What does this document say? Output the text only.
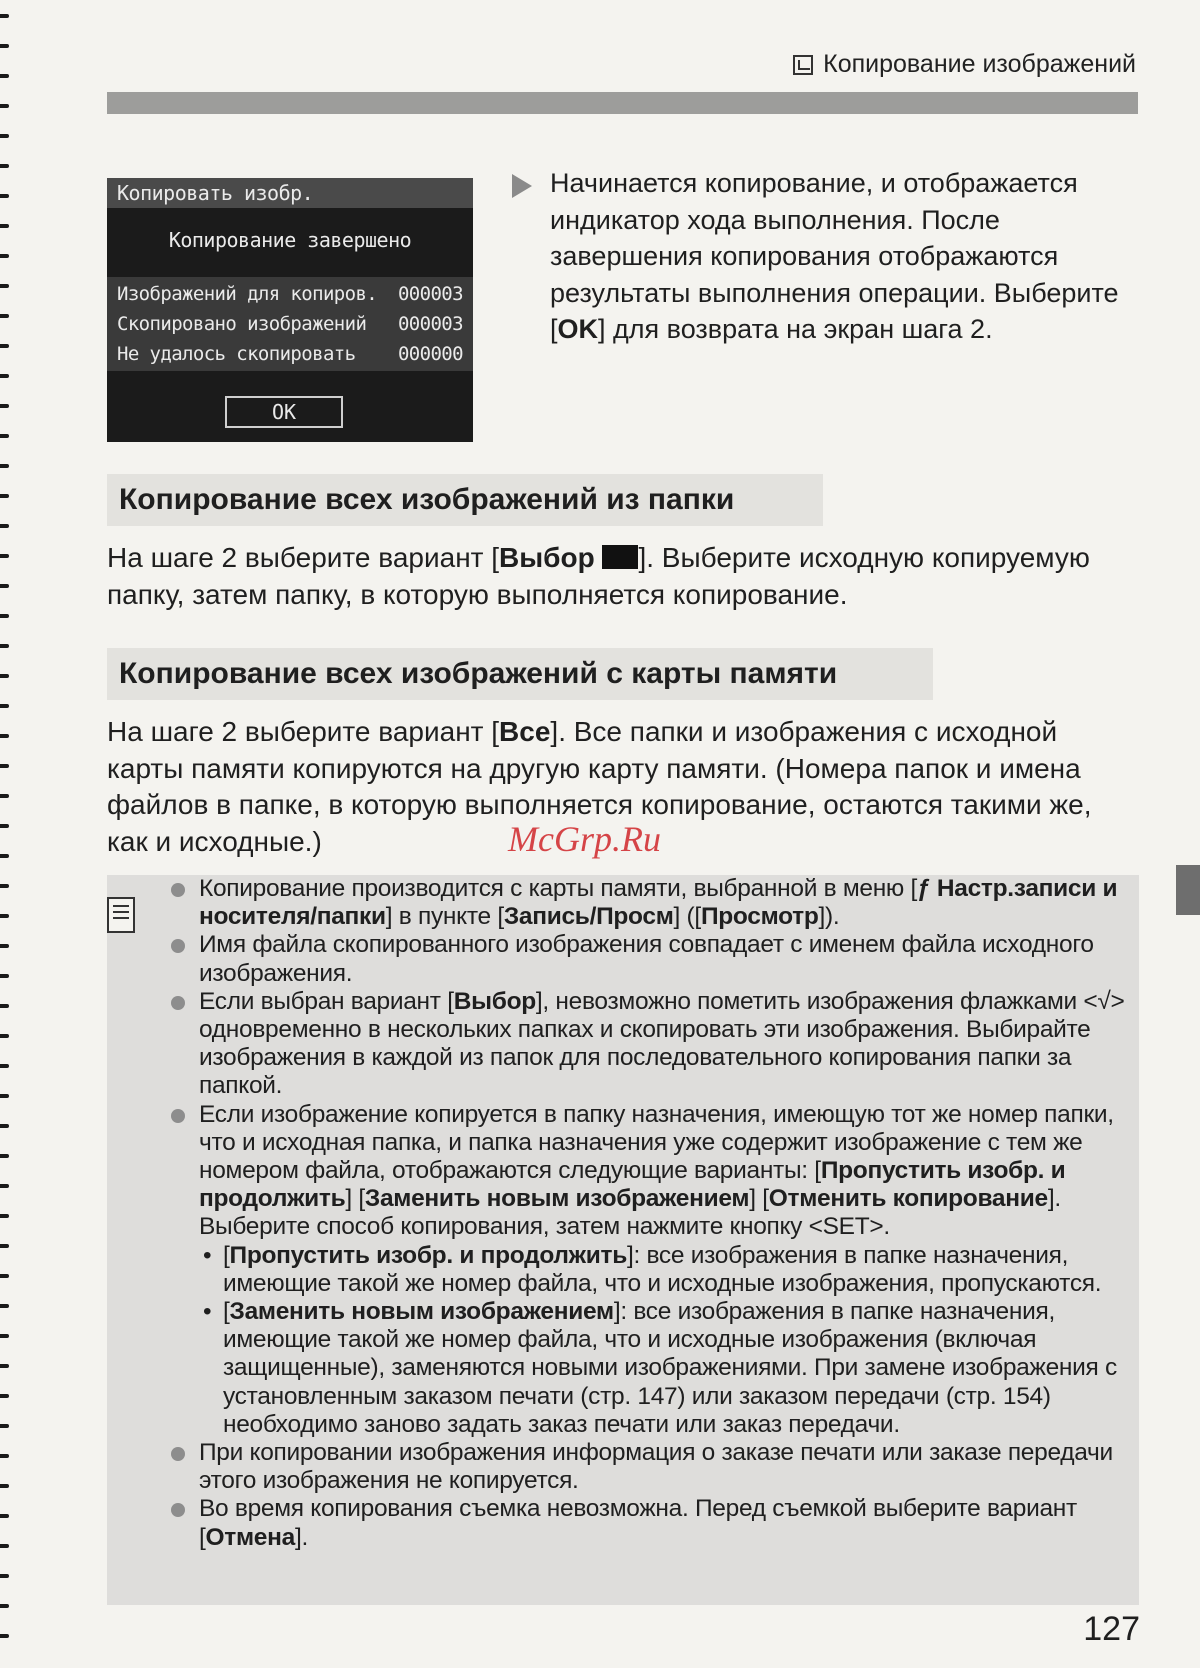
Копирование изображений
Копировать изобр.
Копирование завершено
Изображений для копиров. 000003
Скопировано изображений 000003
Не удалось скопировать 000000
OK
Начинается копирование, и отображается индикатор хода выполнения. После завершения копирования отображаются результаты выполнения операции. Выберите [OK] для возврата на экран шага 2.
Копирование всех изображений из папки
На шаге 2 выберите вариант [Выбор ]. Выберите исходную копируемую папку, затем папку, в которую выполняется копирование.
Копирование всех изображений с карты памяти
На шаге 2 выберите вариант [Все]. Все папки и изображения с исходной карты памяти копируются на другую карту памяти. (Номера папок и имена файлов в папке, в которую выполняется копирование, остаются такими же, как и исходные.)	McGrp.Ru
Копирование производится с карты памяти, выбранной в меню [ƒ Настр.записи и носителя/папки] в пункте [Запись/Просм] ([Просмотр]).
Имя файла скопированного изображения совпадает с именем файла исходного изображения.
Если выбран вариант [Выбор], невозможно пометить изображения флажками <√> одновременно в нескольких папках и скопировать эти изображения. Выбирайте изображения в каждой из папок для последовательного копирования папки за папкой.
Если изображение копируется в папку назначения, имеющую тот же номер папки, что и исходная папка, и папка назначения уже содержит изображение с тем же номером файла, отображаются следующие варианты: [Пропустить изобр. и продолжить] [Заменить новым изображением] [Отменить копирование]. Выберите способ копирования, затем нажмите кнопку <SET>.
• [Пропустить изобр. и продолжить]: все изображения в папке назначения, имеющие такой же номер файла, что и исходные изображения, пропускаются.
• [Заменить новым изображением]: все изображения в папке назначения, имеющие такой же номер файла, что и исходные изображения (включая защищенные), заменяются новыми изображениями. При замене изображения с установленным заказом печати (стр. 147) или заказом передачи (стр. 154) необходимо заново задать заказ печати или заказ передачи.
При копировании изображения информация о заказе печати или заказе передачи этого изображения не копируется.
Во время копирования съемка невозможна. Перед съемкой выберите вариант [Отмена].
127
